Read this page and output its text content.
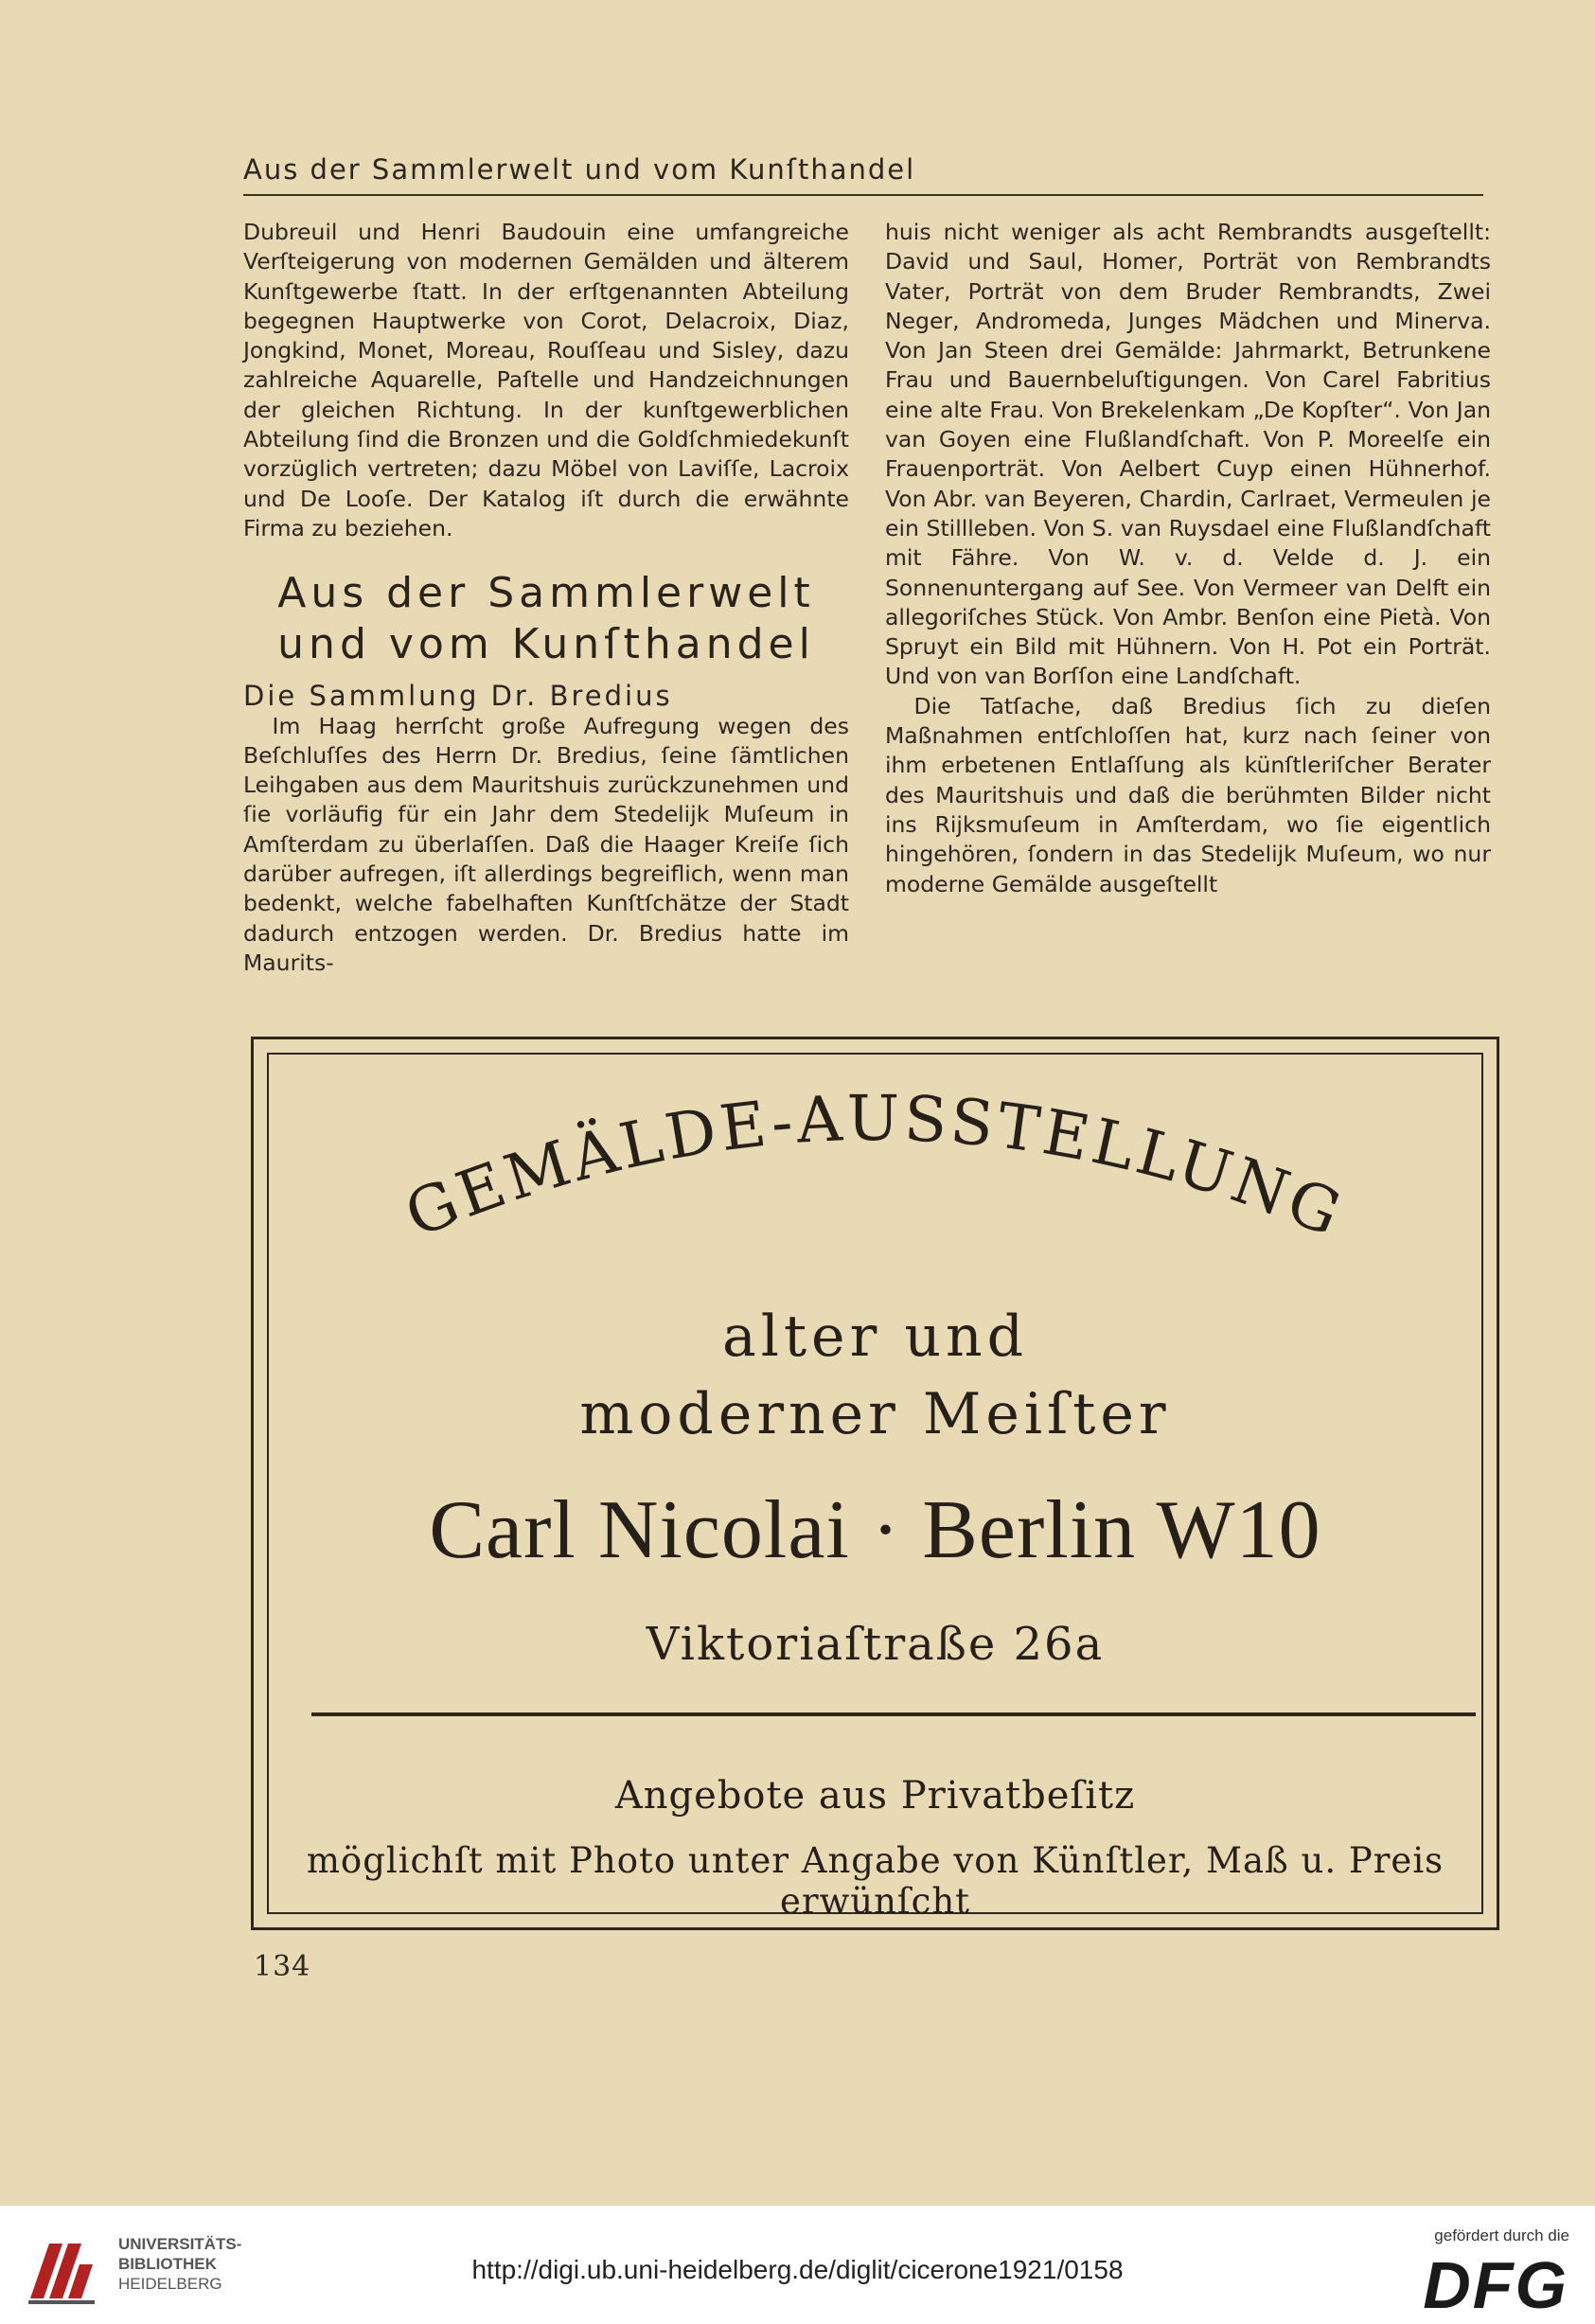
Aus der Sammlerwelt und vom Kunſthandel

Dubreuil und Henri Baudouin eine umfangreiche Verſteigerung von modernen Gemälden und älterem Kunſtgewerbe ſtatt. In der erſtgenannten Abteilung begegnen Hauptwerke von Corot, Delacroix, Diaz, Jongkind, Monet, Moreau, Rouſſeau und Sisley, dazu zahlreiche Aquarelle, Paſtelle und Handzeichnungen der gleichen Richtung. In der kunſtgewerblichen Abteilung ſind die Bronzen und die Goldſchmiedekunſt vorzüglich vertreten; dazu Möbel von Laviſſe, Lacroix und De Looſe. Der Katalog iſt durch die erwähnte Firma zu beziehen.

Aus der Sammlerwelt
und vom Kunſthandel

Die Sammlung Dr. Bredius

Im Haag herrſcht große Aufregung wegen des Beſchluſſes des Herrn Dr. Bredius, ſeine ſämtlichen Leihgaben aus dem Mauritshuis zurückzunehmen und ſie vorläufig für ein Jahr dem Stedelijk Muſeum in Amſterdam zu überlaſſen. Daß die Haager Kreiſe ſich darüber aufregen, iſt allerdings begreiflich, wenn man bedenkt, welche fabelhaften Kunſtſchätze der Stadt dadurch entzogen werden. Dr. Bredius hatte im Maurits-

huis nicht weniger als acht Rembrandts ausgeſtellt: David und Saul, Homer, Porträt von Rembrandts Vater, Porträt von dem Bruder Rembrandts, Zwei Neger, Andromeda, Junges Mädchen und Minerva. Von Jan Steen drei Gemälde: Jahrmarkt, Betrunkene Frau und Bauernbeluſtigungen. Von Carel Fabritius eine alte Frau. Von Brekelenkam „De Kopſter“. Von Jan van Goyen eine Flußlandſchaft. Von P. Moreelſe ein Frauenporträt. Von Aelbert Cuyp einen Hühnerhof. Von Abr. van Beyeren, Chardin, Carlraet, Vermeulen je ein Stillleben. Von S. van Ruysdael eine Flußlandſchaft mit Fähre. Von W. v. d. Velde d. J. ein Sonnenuntergang auf See. Von Vermeer van Delft ein allegoriſches Stück. Von Ambr. Benſon eine Pietà. Von Spruyt ein Bild mit Hühnern. Von H. Pot ein Porträt. Und von van Borſſon eine Landſchaft.

Die Tatſache, daß Bredius ſich zu dieſen Maßnahmen entſchloſſen hat, kurz nach ſeiner von ihm erbetenen Entlaſſung als künſtleriſcher Berater des Mauritshuis und daß die berühmten Bilder nicht ins Rijksmuſeum in Amſterdam, wo ſie eigentlich hingehören, ſondern in das Stedelijk Muſeum, wo nur moderne Gemälde ausgeſtellt

GEMÄLDE-AUSSTELLUNG
alter und
moderner Meiſter
Carl Nicolai · Berlin W10
Viktoriaſtraße 26a
Angebote aus Privatbeſitz
möglichſt mit Photo unter Angabe von Künſtler, Maß u. Preis erwünſcht
134
UNIVERSITÄTS-
BIBLIOTHEK
HEIDELBERG	http://digi.ub.uni-heidelberg.de/diglit/cicerone1921/0158
gefördert durch die
DFG
